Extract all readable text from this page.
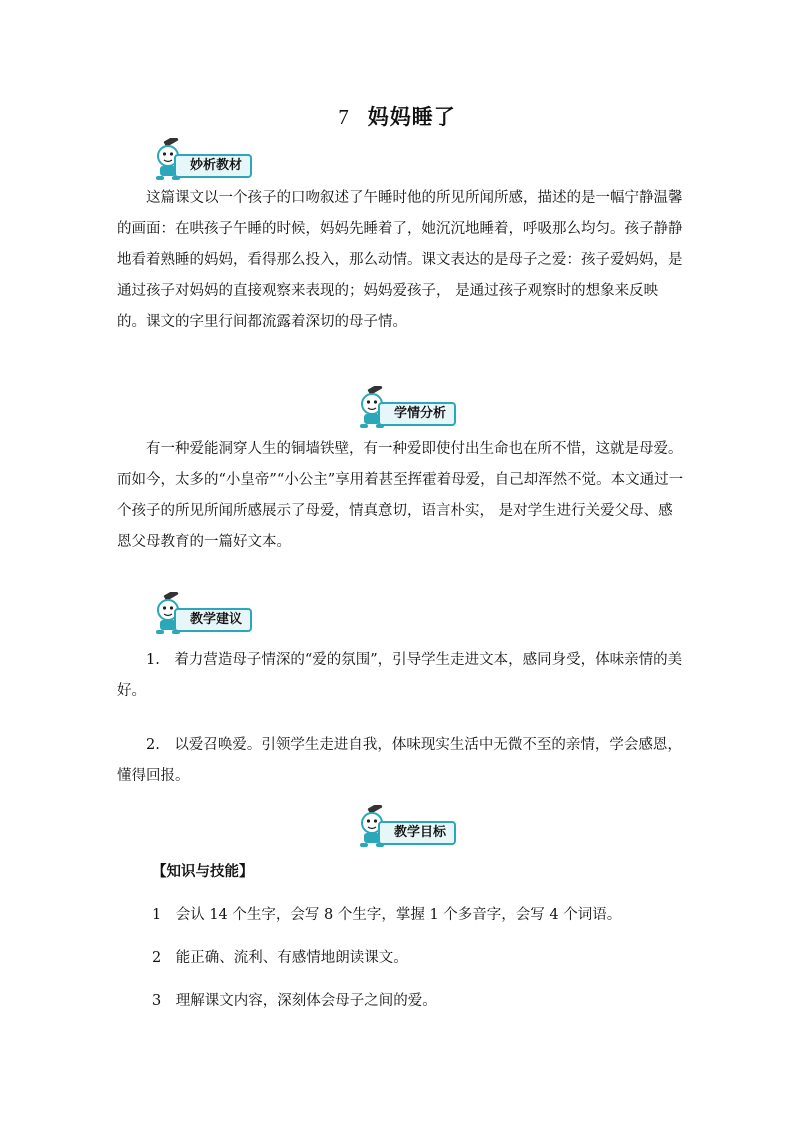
7 妈妈睡了
妙析教材

这篇课文以一个孩子的口吻叙述了午睡时他的所见所闻所感，描述的是一幅宁静温馨的画面：在哄孩子午睡的时候，妈妈先睡着了，她沉沉地睡着，呼吸那么均匀。孩子静静地看着熟睡的妈妈，看得那么投入，那么动情。课文表达的是母子之爱：孩子爱妈妈，是通过孩子对妈妈的直接观察来表现的；妈妈爱孩子， 是通过孩子观察时的想象来反映的。课文的字里行间都流露着深切的母子情。

学情分析

有一种爱能洞穿人生的铜墙铁壁，有一种爱即使付出生命也在所不惜，这就是母爱。而如今，太多的“小皇帝”“小公主”享用着甚至挥霍着母爱，自己却浑然不觉。本文通过一个孩子的所见所闻所感展示了母爱，情真意切，语言朴实， 是对学生进行关爱父母、感恩父母教育的一篇好文本。

教学建议

1.　着力营造母子情深的“爱的氛围”，引导学生走进文本，感同身受，体味亲情的美好。

2.　以爱召唤爱。引领学生走进自我，体味现实生活中无微不至的亲情，学会感恩，懂得回报。

教学目标
【知识与技能】
1　会认 14 个生字，会写 8 个生字，掌握 1 个多音字，会写 4 个词语。
2　能正确、流利、有感情地朗读课文。
3　理解课文内容，深刻体会母子之间的爱。
